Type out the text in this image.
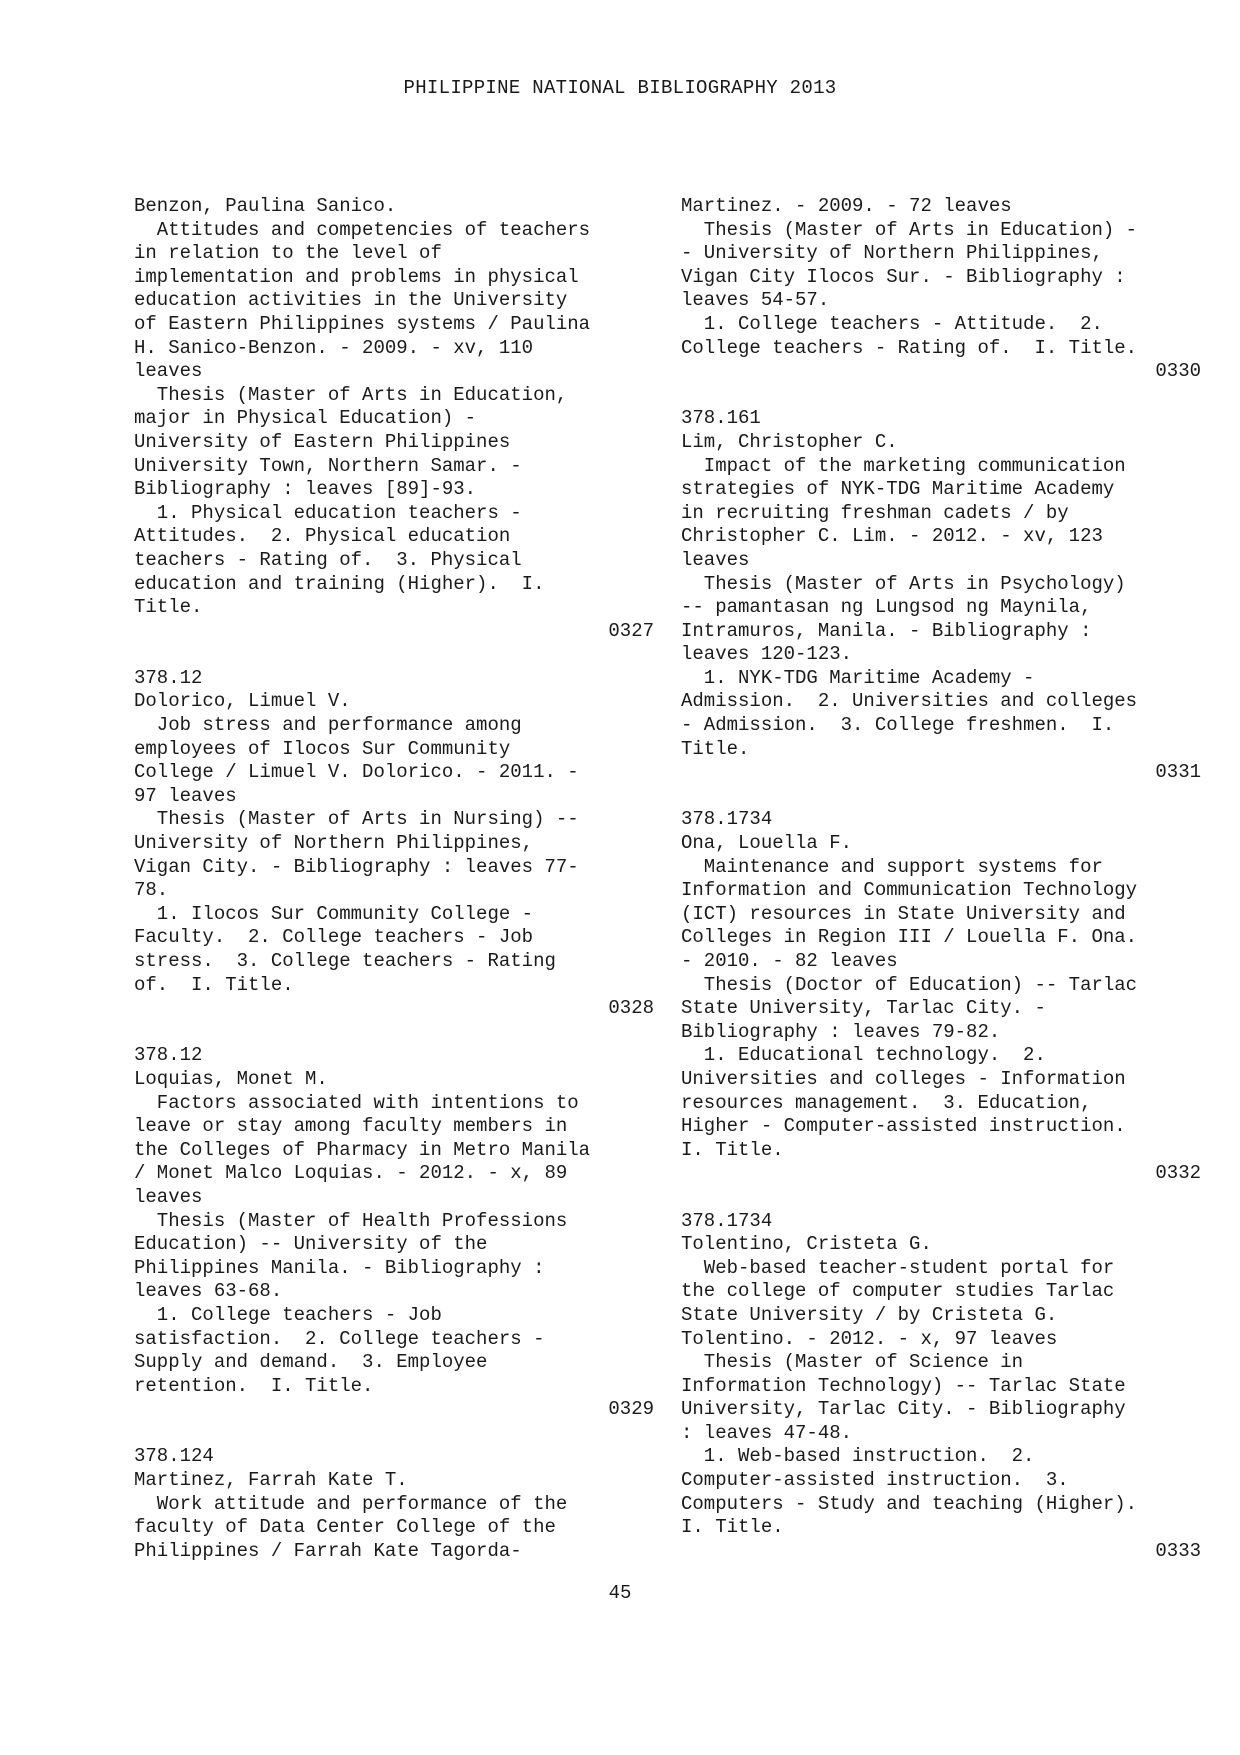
PHILIPPINE NATIONAL BIBLIOGRAPHY 2013
Benzon, Paulina Sanico.
Attitudes and competencies of teachers
in relation to the level of
implementation and problems in physical
education activities in the University
of Eastern Philippines systems / Paulina
H. Sanico-Benzon. - 2009. - xv, 110
leaves
Thesis (Master of Arts in Education,
major in Physical Education) -
University of Eastern Philippines
University Town, Northern Samar. -
Bibliography : leaves [89]-93.
1. Physical education teachers -
Attitudes.  2. Physical education
teachers - Rating of.  3. Physical
education and training (Higher).  I.
Title.
0327
378.12
Dolorico, Limuel V.
Job stress and performance among
employees of Ilocos Sur Community
College / Limuel V. Dolorico. - 2011. -
97 leaves
Thesis (Master of Arts in Nursing) --
University of Northern Philippines,
Vigan City. - Bibliography : leaves 77-
78.
1. Ilocos Sur Community College -
Faculty.  2. College teachers - Job
stress.  3. College teachers - Rating
of.  I. Title.
0328
378.12
Loquias, Monet M.
Factors associated with intentions to
leave or stay among faculty members in
the Colleges of Pharmacy in Metro Manila
/ Monet Malco Loquias. - 2012. - x, 89
leaves
Thesis (Master of Health Professions
Education) -- University of the
Philippines Manila. - Bibliography :
leaves 63-68.
1. College teachers - Job
satisfaction.  2. College teachers -
Supply and demand.  3. Employee
retention.  I. Title.
0329
378.124
Martinez, Farrah Kate T.
Work attitude and performance of the
faculty of Data Center College of the
Philippines / Farrah Kate Tagorda-
Martinez. - 2009. - 72 leaves
Thesis (Master of Arts in Education) -
- University of Northern Philippines,
Vigan City Ilocos Sur. - Bibliography :
leaves 54-57.
1. College teachers - Attitude.  2.
College teachers - Rating of.  I. Title.
0330
378.161
Lim, Christopher C.
Impact of the marketing communication
strategies of NYK-TDG Maritime Academy
in recruiting freshman cadets / by
Christopher C. Lim. - 2012. - xv, 123
leaves
Thesis (Master of Arts in Psychology)
-- pamantasan ng Lungsod ng Maynila,
Intramuros, Manila. - Bibliography :
leaves 120-123.
1. NYK-TDG Maritime Academy -
Admission.  2. Universities and colleges
- Admission.  3. College freshmen.  I.
Title.
0331
378.1734
Ona, Louella F.
Maintenance and support systems for
Information and Communication Technology
(ICT) resources in State University and
Colleges in Region III / Louella F. Ona.
- 2010. - 82 leaves
Thesis (Doctor of Education) -- Tarlac
State University, Tarlac City. -
Bibliography : leaves 79-82.
1. Educational technology.  2.
Universities and colleges - Information
resources management.  3. Education,
Higher - Computer-assisted instruction.
I. Title.
0332
378.1734
Tolentino, Cristeta G.
Web-based teacher-student portal for
the college of computer studies Tarlac
State University / by Cristeta G.
Tolentino. - 2012. - x, 97 leaves
Thesis (Master of Science in
Information Technology) -- Tarlac State
University, Tarlac City. - Bibliography
: leaves 47-48.
1. Web-based instruction.  2.
Computer-assisted instruction.  3.
Computers - Study and teaching (Higher).
I. Title.
0333
45
